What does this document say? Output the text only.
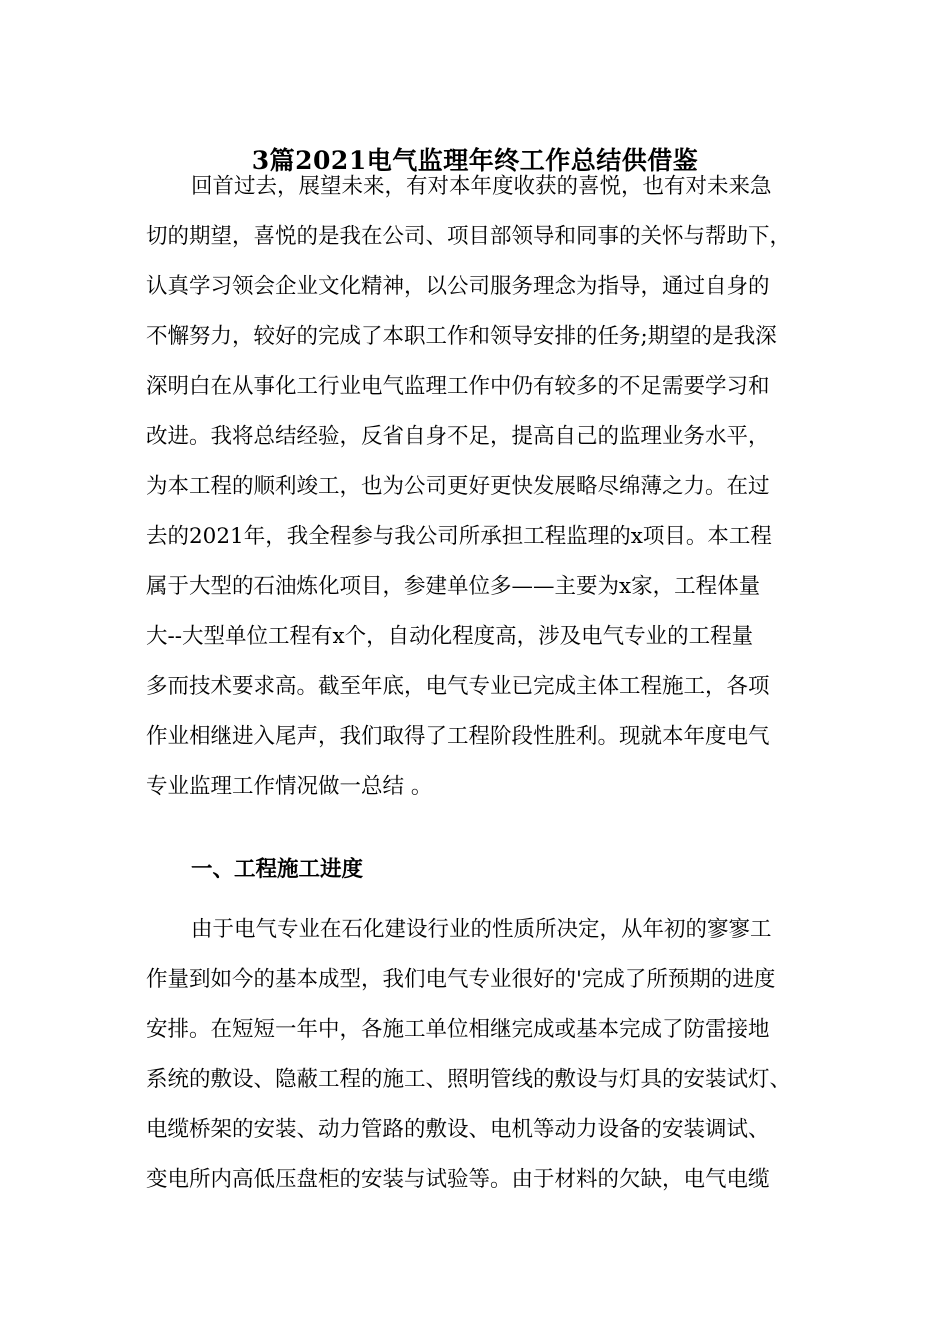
3篇2021电气监理年终工作总结供借鉴
回首过去，展望未来，有对本年度收获的喜悦，也有对未来急
切的期望，喜悦的是我在公司、项目部领导和同事的关怀与帮助下，
认真学习领会企业文化精神，以公司服务理念为指导，通过自身的
不懈努力，较好的完成了本职工作和领导安排的任务;期望的是我深
深明白在从事化工行业电气监理工作中仍有较多的不足需要学习和
改进。我将总结经验，反省自身不足，提高自己的监理业务水平，
为本工程的顺利竣工，也为公司更好更快发展略尽绵薄之力。在过
去的2021年，我全程参与我公司所承担工程监理的x项目。本工程
属于大型的石油炼化项目，参建单位多——主要为x家，工程体量
大--大型单位工程有x个，自动化程度高，涉及电气专业的工程量
多而技术要求高。截至年底，电气专业已完成主体工程施工，各项
作业相继进入尾声，我们取得了工程阶段性胜利。现就本年度电气
专业监理工作情况做一总结 。
一、工程施工进度
由于电气专业在石化建设行业的性质所决定，从年初的寥寥工
作量到如今的基本成型，我们电气专业很好的'完成了所预期的进度
安排。在短短一年中，各施工单位相继完成或基本完成了防雷接地
系统的敷设、隐蔽工程的施工、照明管线的敷设与灯具的安装试灯、
电缆桥架的安装、动力管路的敷设、电机等动力设备的安装调试、
变电所内高低压盘柜的安装与试验等。由于材料的欠缺，电气电缆
